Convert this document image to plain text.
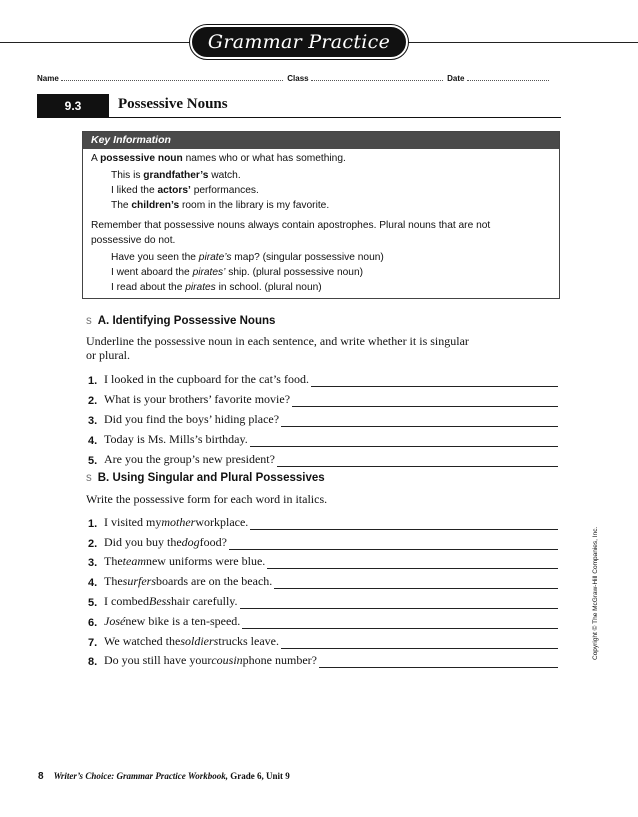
Grammar Practice
Name	Class	Date
9.3	Possessive Nouns
Key Information
A possessive noun names who or what has something.
This is grandfather’s watch.
I liked the actors’ performances.
The children’s room in the library is my favorite.
Remember that possessive nouns always contain apostrophes. Plural nouns that are not
possessive do not.
Have you seen the pirate’s map? (singular possessive noun)
I went aboard the pirates’ ship. (plural possessive noun)
I read about the pirates in school. (plural noun)
s A. Identifying Possessive Nouns
Underline the possessive noun in each sentence, and write whether it is singular
or plural.
1. I looked in the cupboard for the cat’s food.
2. What is your brothers’ favorite movie?
3. Did you find the boys’ hiding place?
4. Today is Ms. Mills’s birthday.
5. Are you the group’s new president?
s B. Using Singular and Plural Possessives
Write the possessive form for each word in italics.
1. I visited my mother workplace.
2. Did you buy the dog food?
3. The team new uniforms were blue.
4. The surfers boards are on the beach.
5. I combed Bess hair carefully.
6. José new bike is a ten-speed.
7. We watched the soldiers trucks leave.
8. Do you still have your cousin phone number?
Copyright © The McGraw-Hill Companies, Inc.
8 Writer’s Choice: Grammar Practice Workbook, Grade 6, Unit 9
